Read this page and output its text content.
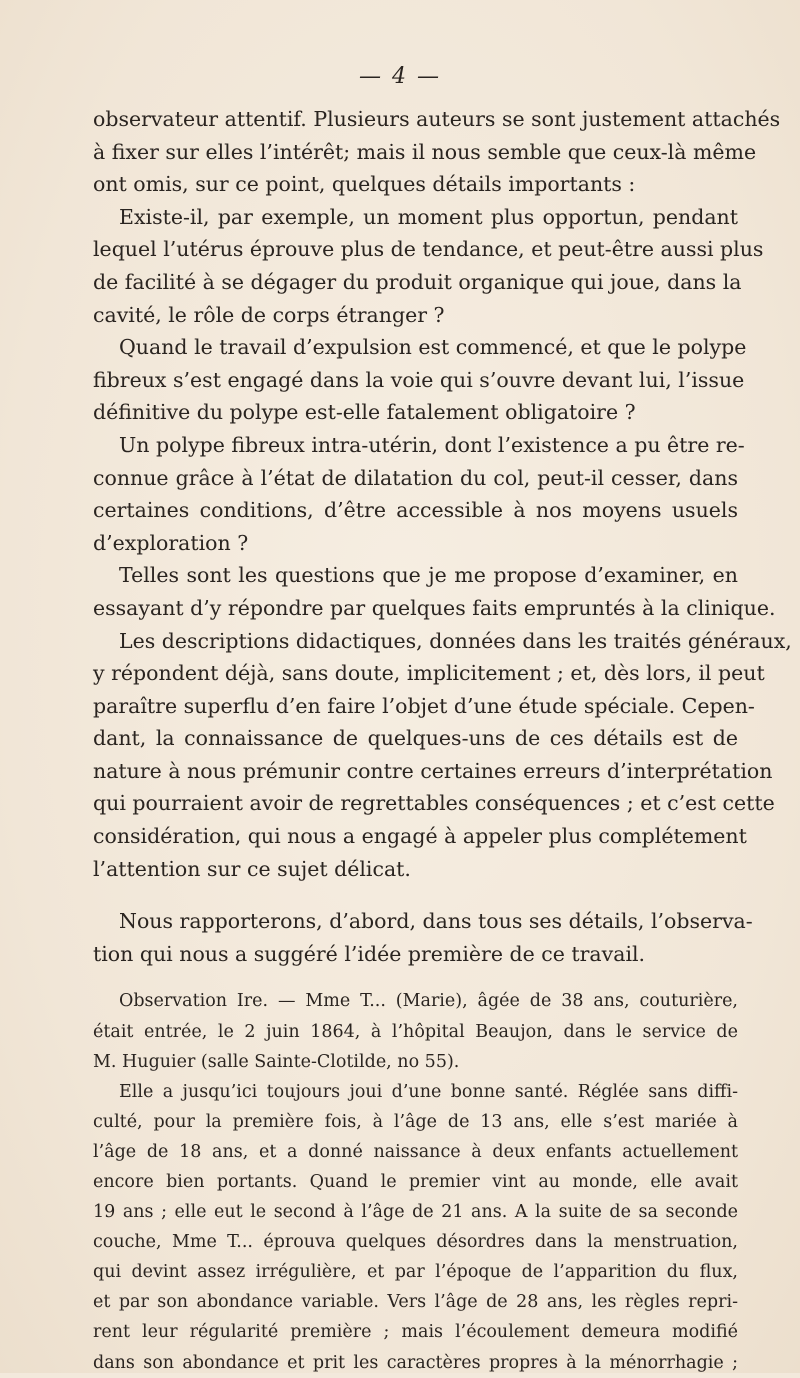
— 4 —
observateur attentif. Plusieurs auteurs se sont justement attachés
à fixer sur elles l’intérêt; mais il nous semble que ceux-là même
ont omis, sur ce point, quelques détails importants :
Existe-il, par exemple, un moment plus opportun, pendant
lequel l’utérus éprouve plus de tendance, et peut-être aussi plus
de facilité à se dégager du produit organique qui joue, dans la
cavité, le rôle de corps étranger ?
Quand le travail d’expulsion est commencé, et que le polype
fibreux s’est engagé dans la voie qui s’ouvre devant lui, l’issue
définitive du polype est-elle fatalement obligatoire ?
Un polype fibreux intra-utérin, dont l’existence a pu être re-
connue grâce à l’état de dilatation du col, peut-il cesser, dans
certaines conditions, d’être accessible à nos moyens usuels
d’exploration ?
Telles sont les questions que je me propose d’examiner, en
essayant d’y répondre par quelques faits empruntés à la clinique.
Les descriptions didactiques, données dans les traités généraux,
y répondent déjà, sans doute, implicitement ; et, dès lors, il peut
paraître superflu d’en faire l’objet d’une étude spéciale. Cepen-
dant, la connaissance de quelques-uns de ces détails est de
nature à nous prémunir contre certaines erreurs d’interprétation
qui pourraient avoir de regrettables conséquences ; et c’est cette
considération, qui nous a engagé à appeler plus complétement
l’attention sur ce sujet délicat.
Nous rapporterons, d’abord, dans tous ses détails, l’observa-
tion qui nous a suggéré l’idée première de ce travail.
Observation Ire. — Mme T... (Marie), âgée de 38 ans, couturière,
était entrée, le 2 juin 1864, à l’hôpital Beaujon, dans le service de
M. Huguier (salle Sainte-Clotilde, no 55).
Elle a jusqu’ici toujours joui d’une bonne santé. Réglée sans diffi-
culté, pour la première fois, à l’âge de 13 ans, elle s’est mariée à
l’âge de 18 ans, et a donné naissance à deux enfants actuellement
encore bien portants. Quand le premier vint au monde, elle avait
19 ans ; elle eut le second à l’âge de 21 ans. A la suite de sa seconde
couche, Mme T... éprouva quelques désordres dans la menstruation,
qui devint assez irrégulière, et par l’époque de l’apparition du flux,
et par son abondance variable. Vers l’âge de 28 ans, les règles repri-
rent leur régularité première ; mais l’écoulement demeura modifié
dans son abondance et prit les caractères propres à la ménorrhagie ;
